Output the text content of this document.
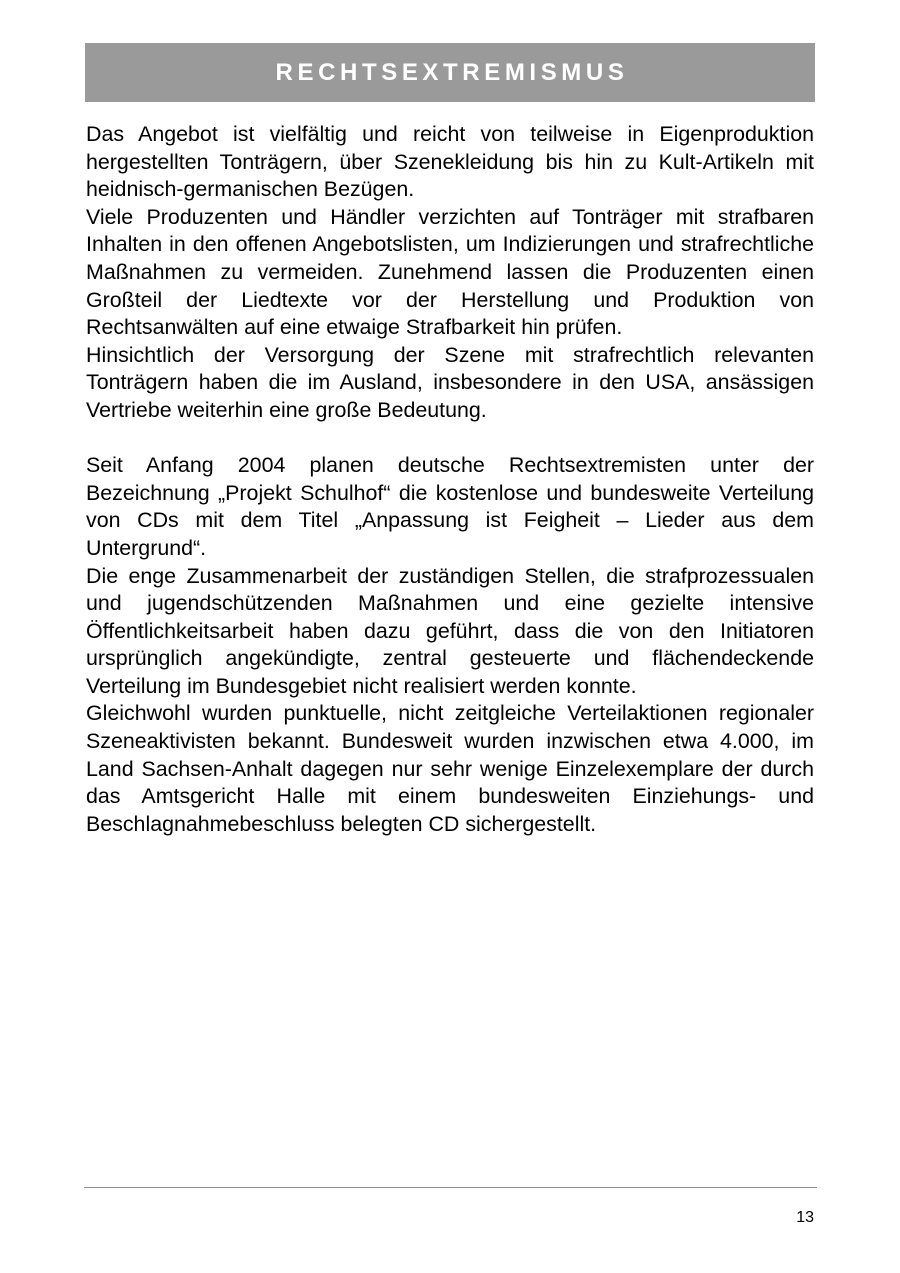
RECHTSEXTREMISMUS

Das Angebot ist vielfältig und reicht von teilweise in Eigenproduktion hergestellten Tonträgern, über Szenekleidung bis hin zu Kult-Artikeln mit heidnisch-germanischen Bezügen.

Viele Produzenten und Händler verzichten auf Tonträger mit strafbaren Inhalten in den offenen Angebotslisten, um Indizierungen und strafrechtliche Maßnahmen zu vermeiden. Zunehmend lassen die Produzenten einen Großteil der Liedtexte vor der Herstellung und Produktion von Rechtsanwälten auf eine etwaige Strafbarkeit hin prüfen.

Hinsichtlich der Versorgung der Szene mit strafrechtlich relevanten Tonträgern haben die im Ausland, insbesondere in den USA, ansässigen Vertriebe weiterhin eine große Bedeutung.

Seit Anfang 2004 planen deutsche Rechtsextremisten unter der Bezeichnung „Projekt Schulhof“ die kostenlose und bundesweite Verteilung von CDs mit dem Titel „Anpassung ist Feigheit – Lieder aus dem Untergrund“.

Die enge Zusammenarbeit der zuständigen Stellen, die strafprozessualen und jugendschützenden Maßnahmen und eine gezielte intensive Öffentlichkeitsarbeit haben dazu geführt, dass die von den Initiatoren ursprünglich angekündigte, zentral gesteuerte und flächendeckende Verteilung im Bundesgebiet nicht realisiert werden konnte.

Gleichwohl wurden punktuelle, nicht zeitgleiche Verteilaktionen regionaler Szeneaktivisten bekannt. Bundesweit wurden inzwischen etwa 4.000, im Land Sachsen-Anhalt dagegen nur sehr wenige Einzelexemplare der durch das Amtsgericht Halle mit einem bundesweiten Einziehungs- und Beschlagnahmebeschluss belegten CD sichergestellt.

13
